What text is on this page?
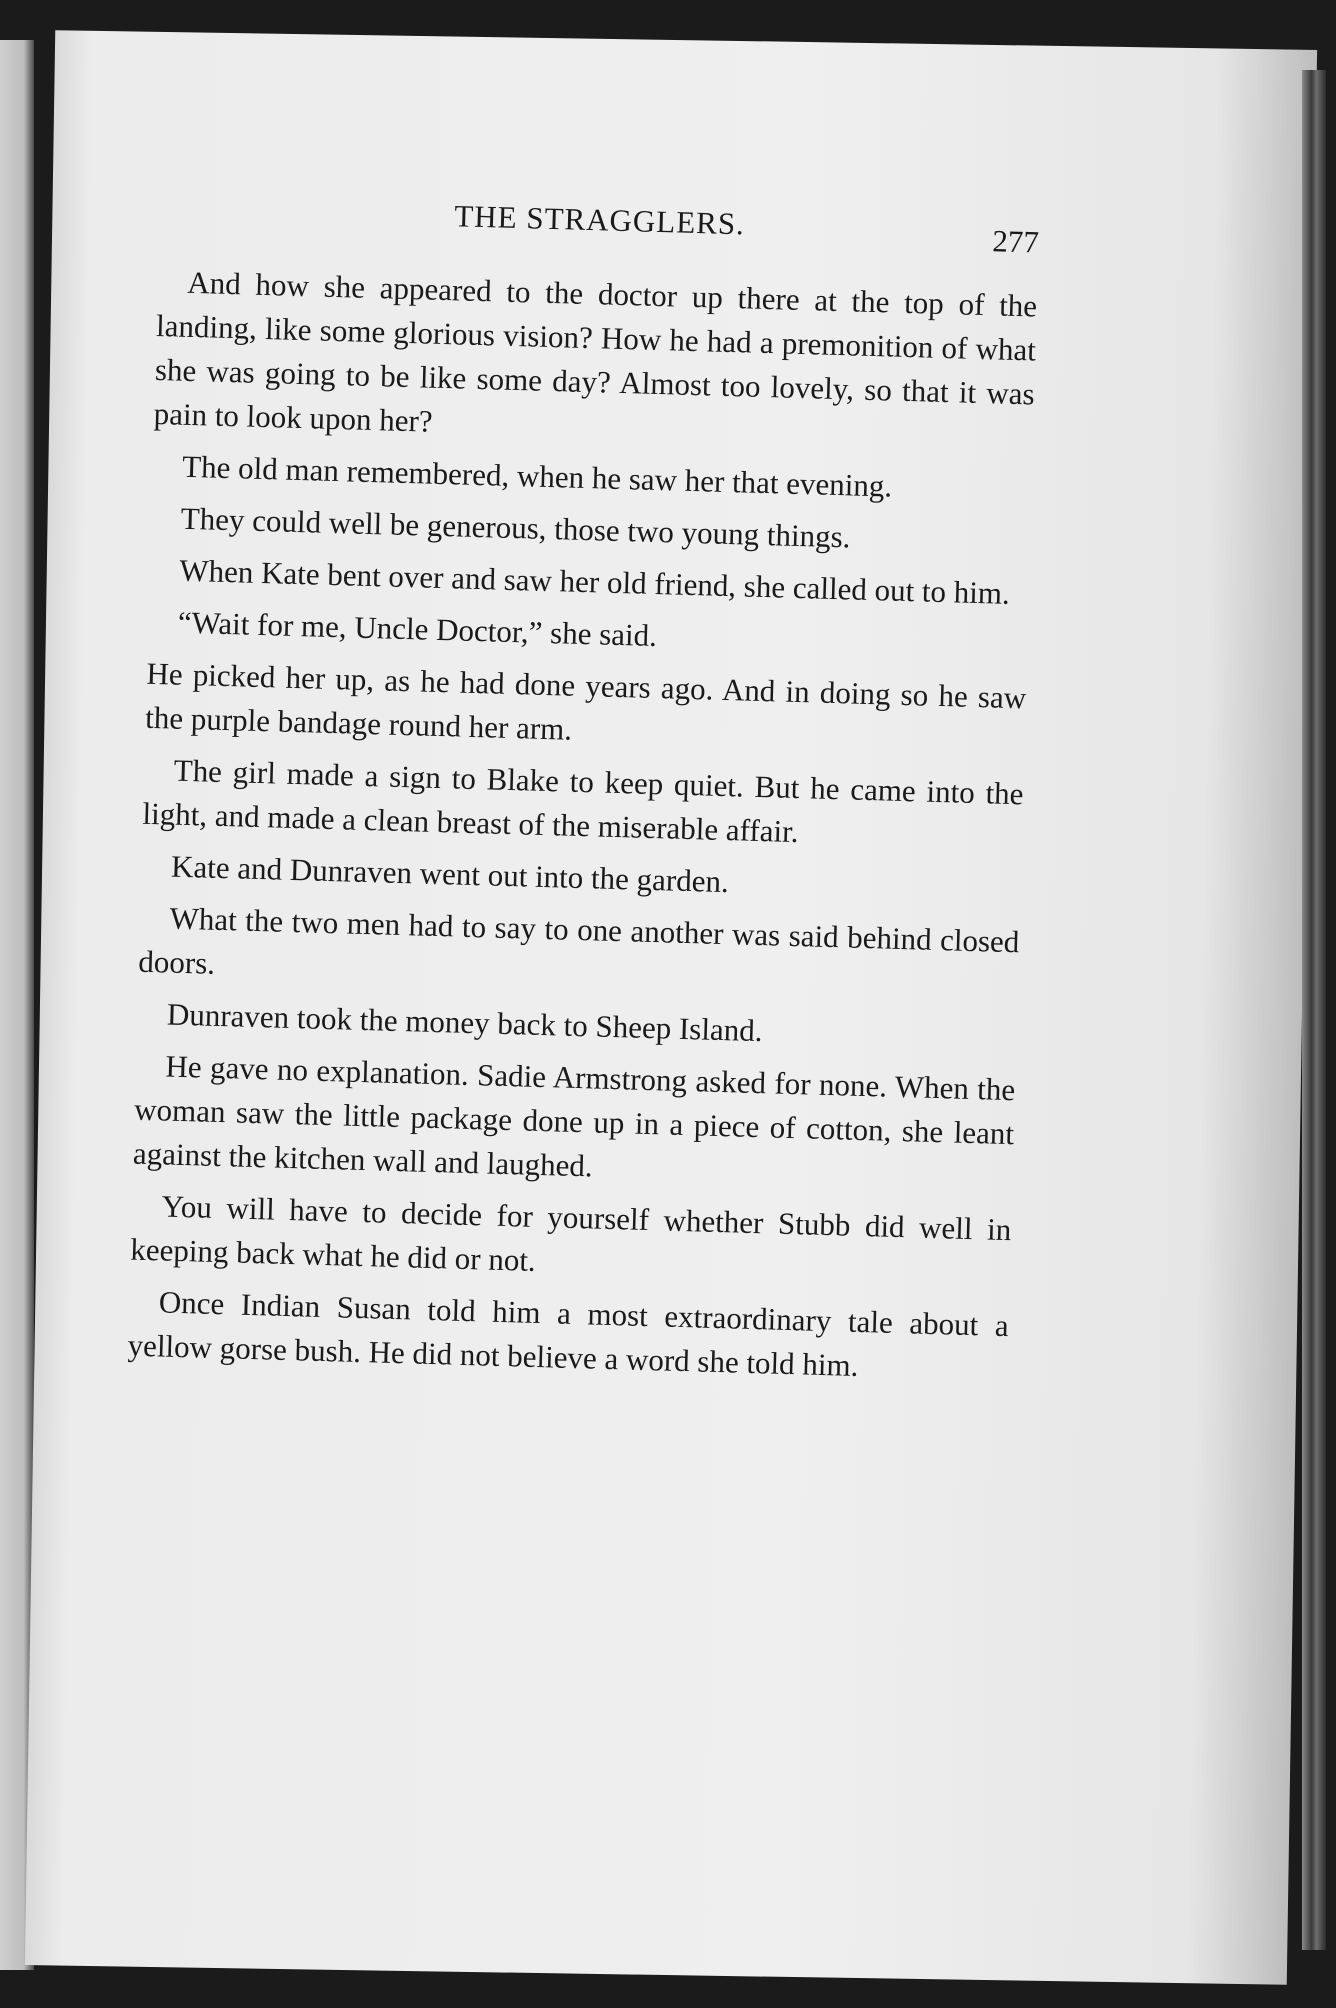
THE STRAGGLERS.
277

And how she appeared to the doctor up there at the top of the landing, like some glorious vision? How he had a premonition of what she was going to be like some day? Almost too lovely, so that it was pain to look upon her?

The old man remembered, when he saw her that evening.

They could well be generous, those two young things.

When Kate bent over and saw her old friend, she called out to him.

“Wait for me, Uncle Doctor,” she said.

He picked her up, as he had done years ago. And in doing so he saw the purple bandage round her arm.

The girl made a sign to Blake to keep quiet. But he came into the light, and made a clean breast of the miserable affair.

Kate and Dunraven went out into the garden.

What the two men had to say to one another was said behind closed doors.

Dunraven took the money back to Sheep Island.

He gave no explanation. Sadie Armstrong asked for none. When the woman saw the little package done up in a piece of cotton, she leant against the kitchen wall and laughed.

You will have to decide for yourself whether Stubb did well in keeping back what he did or not.

Once Indian Susan told him a most extraordinary tale about a yellow gorse bush. He did not believe a word she told him.
